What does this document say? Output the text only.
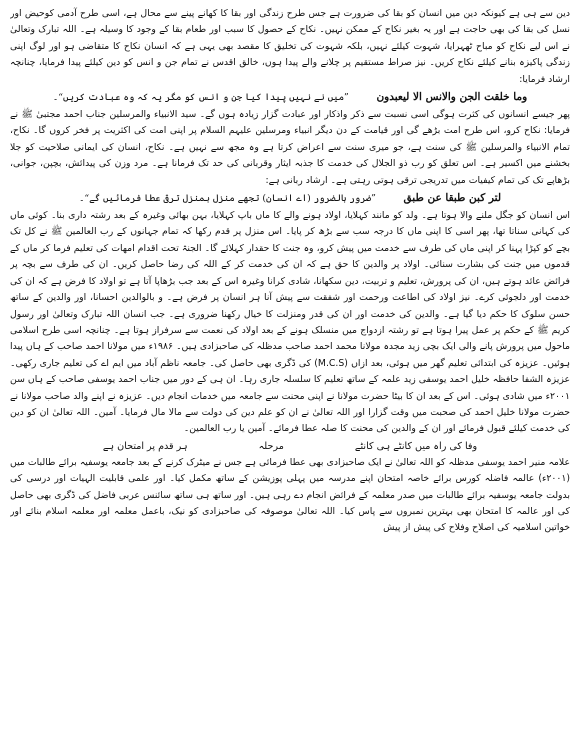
دین سے ہی ہے کیونکہ دین میں انسان کو بقا کی ضرورت ہے جس طرح زندگی اور بقا کا کھانے پینے سے محال ہے، اسی طرح آدمی کوحیض اور نسل کی بقا کی بھی حاجت ہے اور یہ بغیر نکاح کے ممکن نہیں۔ نکاح کے حصول کا سبب اور طعام بقا کے وجود کا وسیلہ ہے۔ اللہ تبارک وتعالیٰ نے اس لیے نکاح کو مباح ٹھہرایا، شہوت کیلئے نہیں، بلکہ شہوت کی تخلیق کا مقصد بھی یہی ہے کہ انسان نکاح کا متقاضی ہو اور لوگ اپنی زندگی پاکیزہ بنانے کیلئے نکاح کریں۔ نیز صراط مستقیم پر چلانے والے پیدا ہوں، خالق اقدس نے تمام جن و انس کو دین کیلئے پیدا فرمایا، چنانچہ ارشاد فرمایا:

وما خلقت الجن والانس الا لیعبدون ”میں نے نہیں پیدا کیا جن و انس کو مگر یہ کہ وہ عبادت کریں“۔

پھر جیسے انسانوں کی کثرت ہوگی اسی نسبت سے ذکر واذکار اور عبادت گزار زیادہ ہوں گے۔ سید الانبیاء والمرسلین جناب احمد مجتبیٰ ﷺ نے فرمایا: نکاح کرو، اس طرح امت بڑھے گی اور قیامت کے دن دیگر انبیاء ومرسلین علیہم السلام پر اپنی امت کی اکثریت پر فخر کروں گا۔ نکاح، تمام الانبیاء والمرسلین ﷺ کی سنت ہے، جو میری سنت سے اعراض کرتا ہے وہ مجھ سے نہیں ہے۔ نکاح، انسان کی ایمانی صلاحیت کو جلا بخشنے میں اکسیر ہے۔ اس تعلق کو رب ذو الجلال کی خدمت کا جذبہ ایثار وقربانی کی حد تک فرمانا ہے۔ مرد وزن کی پیدائش، بچپن، جوانی، بڑھاپے تک کی تمام کیفیات میں تدریجی ترقی ہوتی رہتی ہے۔ ارشاد ربانی ہے:

لتر کبن طبقا عن طبق ”ضرور بالضرور (اے انسان) تجھے منزل بمنزل ترقی عطا فرمائیں گے“۔

اس انسان کو جگل ملنے والا ہوتا ہے۔ ولد کو مانند کہلایا، اولاد ہونے والے کا ماں باپ کہلایا، بہن بھائی وغیرہ کے بعد رشتہ داری بنا۔ کوئی ماں کی کہانی سناتا تھا، پھر اسی کا اپنی ماں کا درجہ سب سے بڑھ کر پایا۔ اس منزل پر قدم رکھا کہ تمام جہانوں کے رب العالمین ﷺ نے کل تک بچے کو کپڑا پہنا کر اپنی ماں کی طرف سے خدمت میں پیش کرو، وہ جنت کا حقدار کہلائے گا۔ الجنۃ تحت اقدام امھات کی تعلیم فرما کر ماں کے قدموں میں جنت کی بشارت سنائی۔ اولاد پر والدین کا حق ہے کہ ان کی خدمت کر کے اللہ کی رضا حاصل کریں۔ ان کی طرف سے بچہ پر فرائض عائد ہوتے ہیں، ان کی پرورش، تعلیم و تربیت، دین سکھانا، شادی کرانا وغیرہ اس کے بعد جب بڑھاپا آتا ہے تو اولاد کا فرض ہے کہ ان کی خدمت اور دلجوئی کرے۔ نیز اولاد کی اطاعت ورحمت اور شفقت سے پیش آنا ہر انسان پر فرض ہے۔ و بالوالدین احسانا، اور والدین کے ساتھ حسن سلوک کا حکم دیا گیا ہے۔ والدین کی خدمت اور ان کی قدر ومنزلت کا خیال رکھنا ضروری ہے۔ جب انسان اللہ تبارک وتعالیٰ اور رسول کریم ﷺ کے حکم پر عمل پیرا ہوتا ہے تو رشتہ ازدواج میں منسلک ہونے کے بعد اولاد کی نعمت سے سرفراز ہوتا ہے۔ چنانچہ اسی طرح اسلامی ماحول میں پرورش پانے والی ایک بچی زید مجدہ مولانا محمد احمد صاحب مدظلہ کی صاحبزادی ہیں۔ ۱۹۸۶ء میں مولانا احمد صاحب کے ہاں پیدا ہوئیں۔ عزیزہ کی ابتدائی تعلیم گھر میں ہوئی، بعد ازاں (M.C.S) کی ڈگری بھی حاصل کی۔ جامعہ ناظم آباد میں ایم اے کی تعلیم جاری رکھی۔ عزیزہ الشفا حافظہ خلیل احمد یوسفی زید علمہ کے ساتھ تعلیم کا سلسلہ جاری رہا۔ ان ہی کے دور میں جناب احمد یوسفی صاحب کے ہاں سن ۲۰۰۱ء میں شادی ہوئی۔ اس کے بعد ان کا بیٹا حضرت مولانا نے اپنی محنت سے جامعہ میں خدمات انجام دیں۔ عزیزہ نے اپنے والد صاحب مولانا نے حضرت مولانا خلیل احمد کی صحبت میں وقت گزارا اور اللہ تعالیٰ نے ان کو علم دین کی دولت سے مالا مال فرمایا۔ آمین۔ اللہ تعالیٰ ان کو دین کی خدمت کیلئے قبول فرمائے اور ان کے والدین کی محنت کا صلہ عطا فرمائے۔ آمین یا رب العالمین۔

وفا کی راہ میں کانٹے ہی کانٹے مرحلہ ہر قدم پر امتحان ہے

علامہ منیر احمد یوسفی مدظلہ کو اللہ تعالیٰ نے ایک صاحبزادی بھی عطا فرمائی ہے جس نے میٹرک کرنے کے بعد جامعہ یوسفیہ برائے طالبات میں (۲۰۰۱ء) عالمہ فاضلہ کورس برائے خاصہ امتحان اپنے مدرسہ میں پہلی پوزیشن کے ساتھ مکمل کیا۔ اور علمی قابلیت الہیات اور درسی کی بدولت جامعہ یوسفیہ برائے طالبات میں صدر معلمہ کے فرائض انجام دے رہی ہیں۔ اور ساتھ ہی ساتھ سائنس عربی فاضل کی ڈگری بھی حاصل کی اور عالمہ کا امتحان بھی بہترین نمبروں سے پاس کیا۔ اللہ تعالیٰ موصوفہ کی صاحبزادی کو نیک، باعمل معلمہ اور معلمہ اسلام بنائے اور خواتین اسلامیہ کی اصلاح وفلاح کی پیش از پیش
